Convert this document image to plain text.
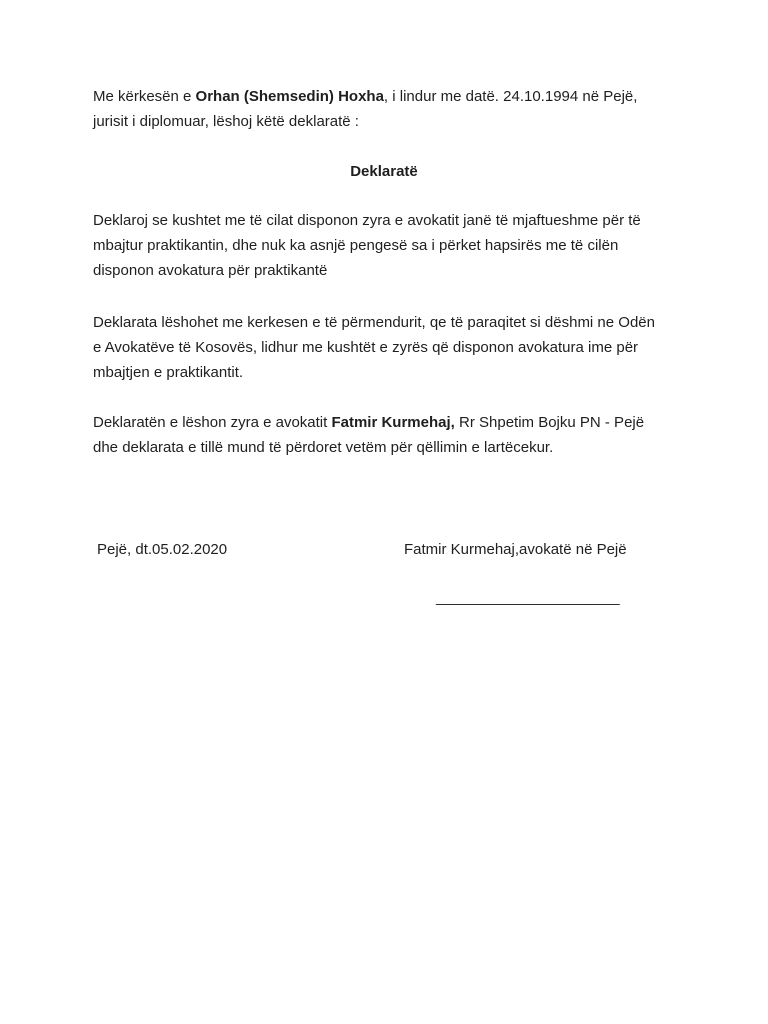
Me kërkesën e Orhan (Shemsedin) Hoxha, i lindur me datë. 24.10.1994 në Pejë,
jurisit i diplomuar, lëshoj këtë deklaratë :

Deklaratë

Deklaroj se kushtet me të cilat disponon zyra e avokatit janë të mjaftueshme për të
mbajtur praktikantin, dhe nuk ka asnjë pengesë sa i përket hapsirës me të cilën
disponon avokatura për praktikantë

Deklarata lëshohet me kerkesen e të përmendurit, qe të paraqitet si dëshmi ne Odën
e Avokatëve të Kosovës, lidhur me kushtët e zyrës që disponon avokatura ime për
mbajtjen e praktikantit.

Deklaratën e lëshon zyra e avokatit Fatmir Kurmehaj, Rr Shpetim Bojku PN - Pejë
dhe deklarata e tillë mund të përdoret vetëm për qëllimin e lartëcekur.

Pejë, dt.05.02.2020	Fatmir Kurmehaj,avokatë në Pejë
______________________
